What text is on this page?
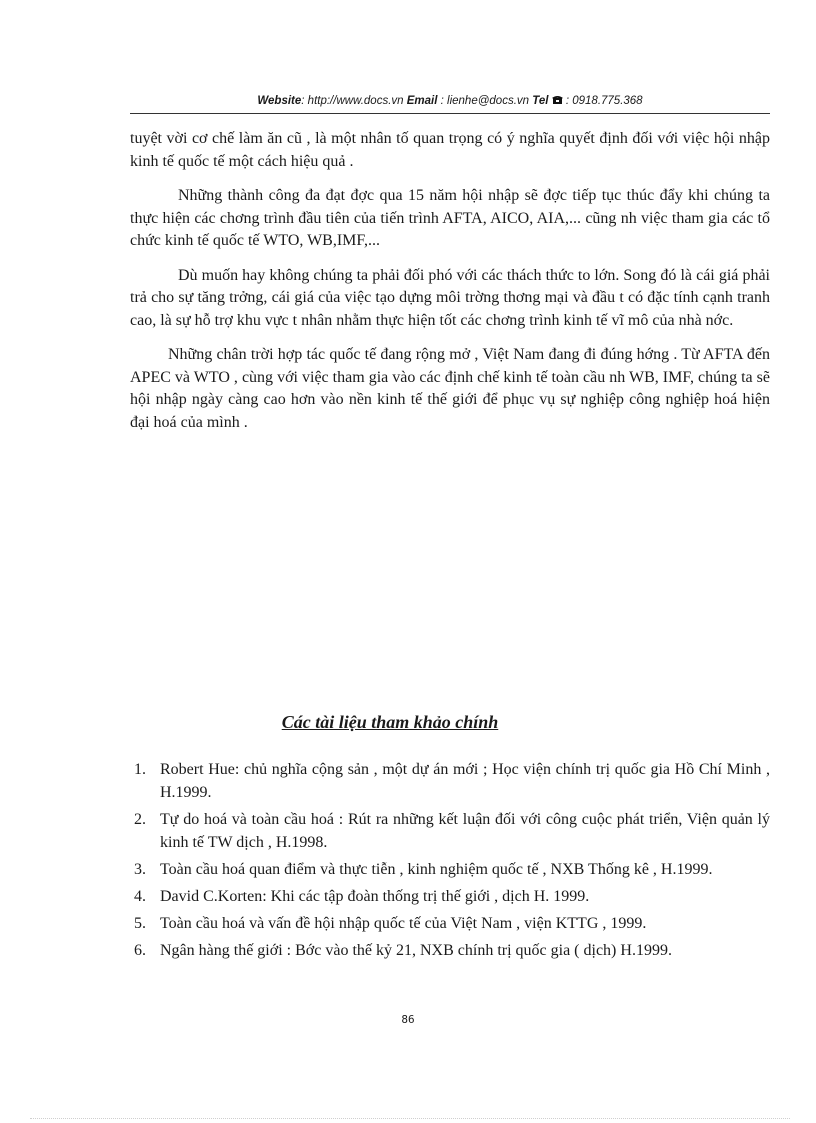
Website: http://www.docs.vn Email : lienhe@docs.vn Tel : 0918.775.368

tuyệt vời cơ chế làm ăn cũ , là một nhân tố quan trọng có ý nghĩa quyết định đối với việc hội nhập kinh tế quốc tế một cách hiệu quả .

Những thành công đa đạt đợc qua 15 năm hội nhập sẽ đợc tiếp tục thúc đẩy khi chúng ta thực hiện các chơng trình đầu tiên của tiến trình AFTA, AICO, AIA,... cũng nh việc tham gia các tổ chức kinh tế quốc tế WTO, WB,IMF,...

Dù muốn hay không chúng ta phải đối phó với các thách thức to lớn. Song đó là cái giá phải trả cho sự tăng trởng, cái giá của việc tạo dựng môi trờng thơng mại và đầu t có đặc tính cạnh tranh cao, là sự hỗ trợ khu vực t nhân nhằm thực hiện tốt các chơng trình kinh tế vĩ mô của nhà nớc.

Những chân trời hợp tác quốc tế đang rộng mở , Việt Nam đang đi đúng hớng . Từ AFTA đến APEC và WTO , cùng với việc tham gia vào các định chế kinh tế toàn cầu nh WB, IMF, chúng ta sẽ hội nhập ngày càng cao hơn vào nền kinh tế thế giới để phục vụ sự nghiệp công nghiệp hoá hiện đại hoá của mình .

Các tài liệu tham khảo chính
1. Robert Hue: chủ nghĩa cộng sản , một dự án mới ; Học viện chính trị quốc gia Hồ Chí Minh , H.1999.
2. Tự do hoá và toàn cầu hoá : Rút ra những kết luận đối với công cuộc phát triển, Viện quản lý kinh tế TW dịch , H.1998.
3. Toàn cầu hoá quan điểm và thực tiễn , kinh nghiệm quốc tế , NXB Thống kê , H.1999.
4. David C.Korten: Khi các tập đoàn thống trị thế giới , dịch H. 1999.
5. Toàn cầu hoá và vấn đề hội nhập quốc tế của Việt Nam , viện KTTG , 1999.
6. Ngân hàng thế giới : Bớc vào thế kỷ 21, NXB chính trị quốc gia ( dịch) H.1999.
86
